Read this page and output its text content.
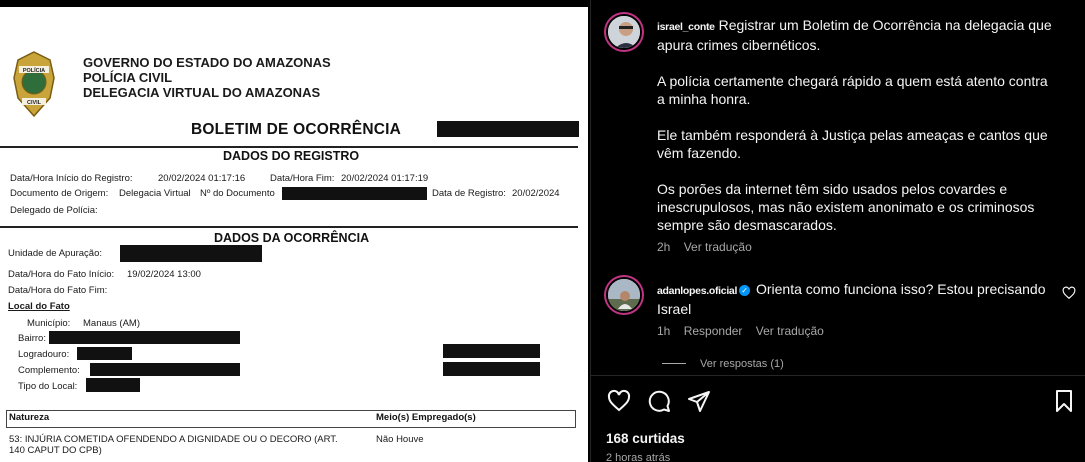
POLÍCIA
CIVIL
GOVERNO DO ESTADO DO AMAZONAS
POLÍCIA CIVIL
DELEGACIA VIRTUAL DO AMAZONAS
BOLETIM DE OCORRÊNCIA
DADOS DO REGISTRO
Data/Hora Início do Registro:	20/02/2024 01:17:16	Data/Hora Fim: 20/02/2024 01:17:19
Documento de Origem: Delegacia Virtual Nº do Documento	Data de Registro: 20/02/2024
Delegado de Polícia:
DADOS DA OCORRÊNCIA
Unidade de Apuração:
Data/Hora do Fato Início: 19/02/2024 13:00
Data/Hora do Fato Fim:
Local do Fato
Município: Manaus (AM)
Bairro:
Logradouro:
Complemento:
Tipo do Local:
Natureza	Meio(s) Empregado(s)
53: INJÚRIA COMETIDA OFENDENDO A DIGNIDADE OU O DECORO (ART.
140 CAPUT DO CPB)
Não Houve
israel_conte Registrar um Boletim de Ocorrência na delegacia que apura crimes cibernéticos.
A polícia certamente chegará rápido a quem está atento contra a minha honra.
Ele também responderá à Justiça pelas ameaças e cantos que vêm fazendo.
Os porões da internet têm sido usados pelos covardes e inescrupulosos, mas não existem anonimato e os criminosos sempre são desmascarados.
2h Ver tradução
adanlopes.oficial ✓ Orienta como funciona isso? Estou precisando Israel
1h Responder Ver tradução
Ver respostas (1)
168 curtidas
2 horas atrás
